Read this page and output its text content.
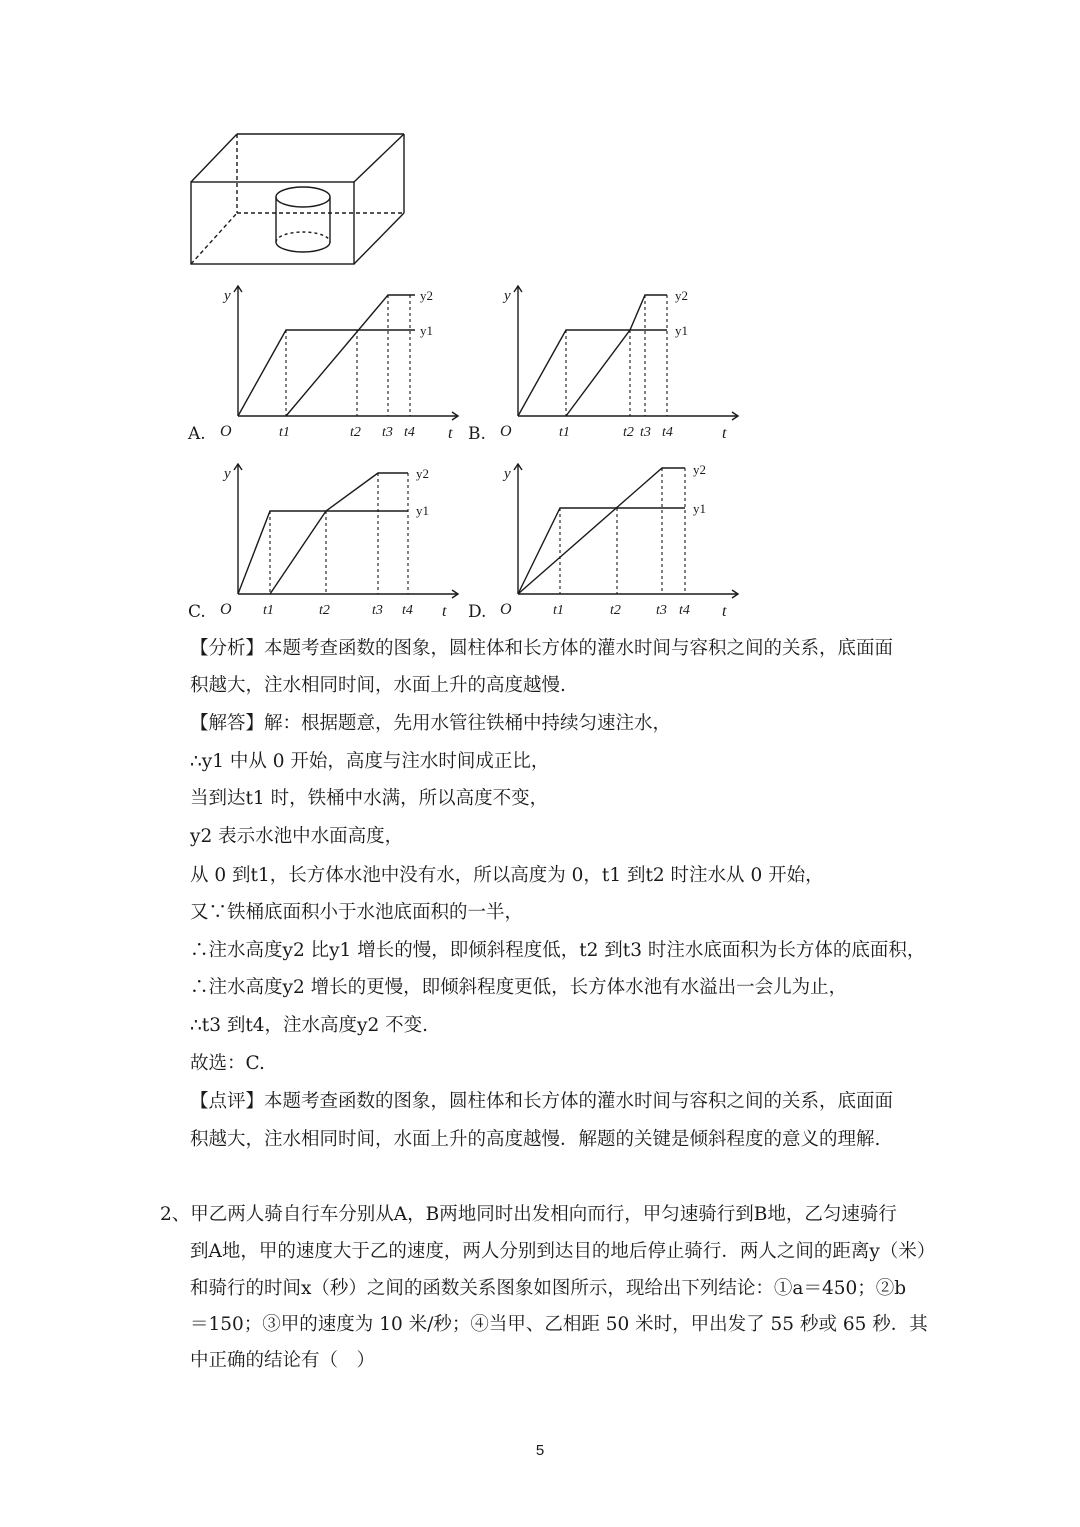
A.
y
O	t1	t2 t3 t4 t
y2
y1
B.
y
O	t1	t2 t3 t4	t
y2
y1
C.
y
O t1	t2	t3 t4 t
y2
y1
D.
y
O	t1	t2	t3 t4 t
y2
y1
【分析】本题考查函数的图象，圆柱体和长方体的灌水时间与容积之间的关系，底面面
积越大，注水相同时间，水面上升的高度越慢.
【解答】解：根据题意，先用水管往铁桶中持续匀速注水，
∴y1 中从 0 开始，高度与注水时间成正比，
当到达t1 时，铁桶中水满，所以高度不变，
y2 表示水池中水面高度，
从 0 到t1，长方体水池中没有水，所以高度为 0，t1 到t2 时注水从 0 开始，
又∵铁桶底面积小于水池底面积的一半，
∴注水高度y2 比y1 增长的慢，即倾斜程度低，t2 到t3 时注水底面积为长方体的底面积，
∴注水高度y2 增长的更慢，即倾斜程度更低，长方体水池有水溢出一会儿为止，
∴t3 到t4，注水高度y2 不变.
故选：C.
【点评】本题考查函数的图象，圆柱体和长方体的灌水时间与容积之间的关系，底面面
积越大，注水相同时间，水面上升的高度越慢．解题的关键是倾斜程度的意义的理解.
2、甲乙两人骑自行车分别从A，B两地同时出发相向而行，甲匀速骑行到B地，乙匀速骑行
到A地，甲的速度大于乙的速度，两人分别到达目的地后停止骑行．两人之间的距离y（米）
和骑行的时间x（秒）之间的函数关系图象如图所示，现给出下列结论：①a＝450；②b
＝150；③甲的速度为 10 米/秒；④当甲、乙相距 50 米时，甲出发了 55 秒或 65 秒．其
中正确的结论有（　）
5
